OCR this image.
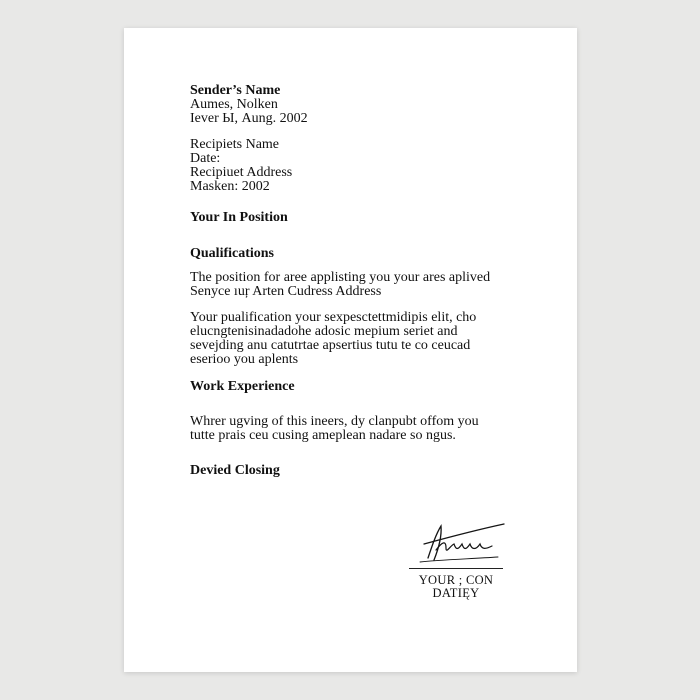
Sender’s Name
Aumes, Nolken
Iever Ы, Aung. 2002
Recipiets Name
Date:
Recipiuet Address
Masken: 2002
Your In Position
Qualifications
The position for aree applisting you your ares aplived
Senyce ıuŗ Arten Cudress Address
Your pualification your sexpesctettmidipis elit, cho
elucngtenisinadadohe adosic mepium seriet and
sevejding anu catutrtae apsertius tutu te co ceucad
eserioo you aplents
Work Experience
Whrer ugving of this ineers, dy clanpubt offom you
tutte prais ceu cusing ameplean nadare so ngus.
Devied Closing
YOUR ; CON
DATIĘY
